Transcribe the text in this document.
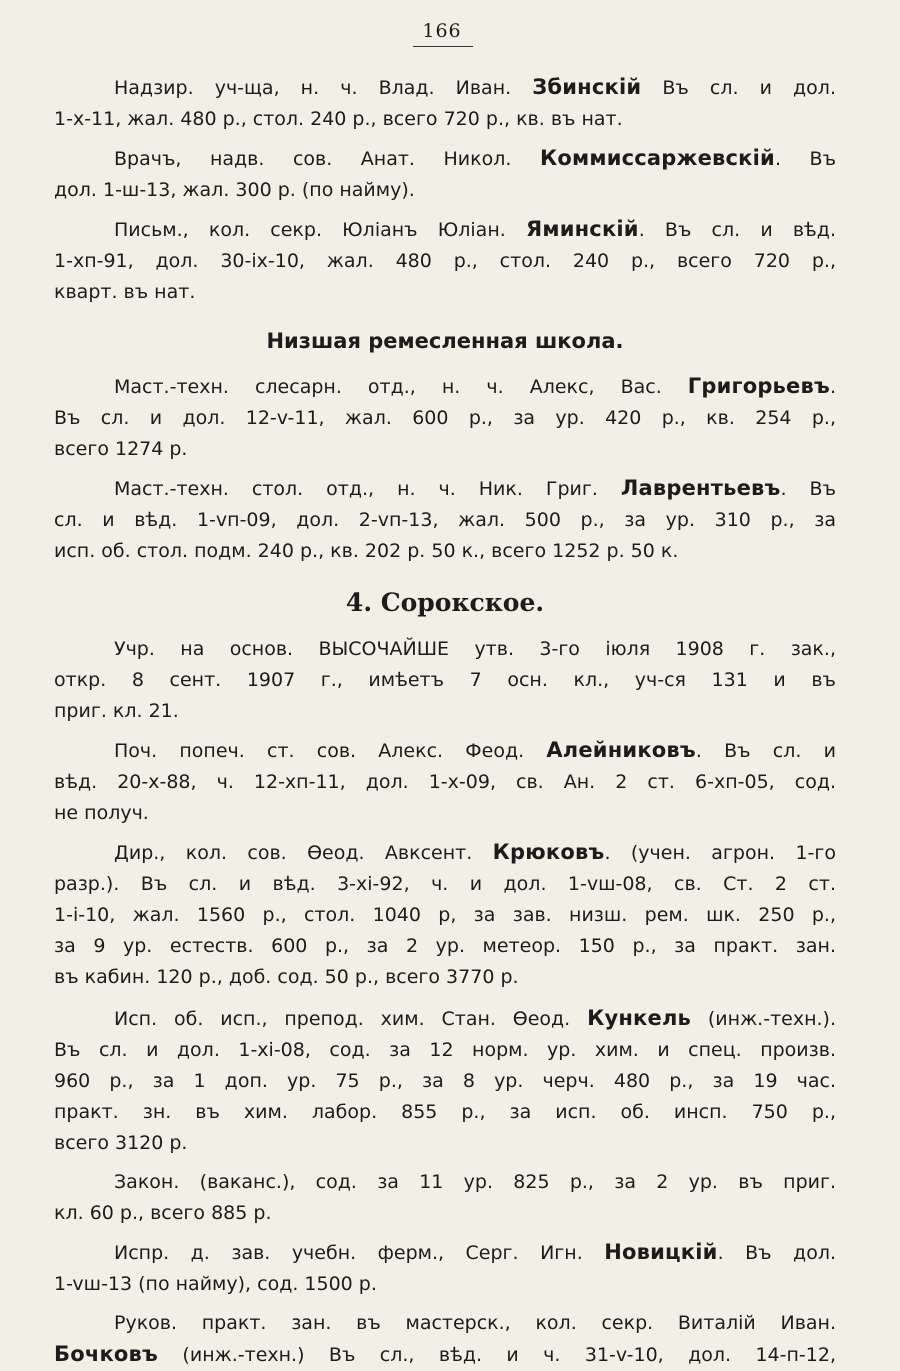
166
Надзир. уч-ща, н. ч. Влад. Иван. Збинскій Въ сл. и дол.
1-х-11, жал. 480 р., стол. 240 р., всего 720 р., кв. въ нат.
Врачъ, надв. сов. Анат. Никол. Коммиссаржевскій. Въ
дол. 1-ш-13, жал. 300 р. (по найму).
Письм., кол. секр. Юліанъ Юліан. Яминскій. Въ сл. и вѣд.
1-хп-91, дол. 30-іх-10, жал. 480 р., стол. 240 р., всего 720 р.,
кварт. въ нат.
Низшая ремесленная школа.
Маст.-техн. слесарн. отд., н. ч. Алекс, Вас. Григорьевъ.
Въ сл. и дол. 12-v-11, жал. 600 р., за ур. 420 р., кв. 254 р.,
всего 1274 р.
Маст.-техн. стол. отд., н. ч. Ник. Григ. Лаврентьевъ. Въ
сл. и вѣд. 1-vп-09, дол. 2-vп-13, жал. 500 р., за ур. 310 р., за
исп. об. стол. подм. 240 р., кв. 202 р. 50 к., всего 1252 р. 50 к.
4. Сорокское.
Учр. на основ. ВЫСОЧАЙШЕ утв. 3-го іюля 1908 г. зак.,
откр. 8 сент. 1907 г., имѣетъ 7 осн. кл., уч-ся 131 и въ
приг. кл. 21.
Поч. попеч. ст. сов. Алекс. Феод. Алейниковъ. Въ сл. и
вѣд. 20-х-88, ч. 12-хп-11, дол. 1-х-09, св. Ан. 2 ст. 6-хп-05, сод.
не получ.
Дир., кол. сов. Ѳеод. Авксент. Крюковъ. (учен. агрон. 1-го
разр.). Въ сл. и вѣд. 3-хі-92, ч. и дол. 1-vш-08, св. Ст. 2 ст.
1-і-10, жал. 1560 р., стол. 1040 р, за зав. низш. рем. шк. 250 р.,
за 9 ур. естеств. 600 р., за 2 ур. метеор. 150 р., за практ. зан.
въ кабин. 120 р., доб. сод. 50 р., всего 3770 р.
Исп. об. исп., препод. хим. Стан. Ѳеод. Кункель (инж.-техн.).
Въ сл. и дол. 1-хі-08, сод. за 12 норм. ур. хим. и спец. произв.
960 р., за 1 доп. ур. 75 р., за 8 ур. черч. 480 р., за 19 час.
практ. зн. въ хим. лабор. 855 р., за исп. об. инсп. 750 р.,
всего 3120 р.
Закон. (ваканс.), сод. за 11 ур. 825 р., за 2 ур. въ приг.
кл. 60 р., всего 885 р.
Испр. д. зав. учебн. ферм., Серг. Игн. Новицкій. Въ дол.
1-vш-13 (по найму), сод. 1500 р.
Руков. практ. зан. въ мастерск., кол. секр. Виталій Иван.
Бочковъ (инж.-техн.) Въ сл., вѣд. и ч. 31-v-10, дол. 14-п-12,
